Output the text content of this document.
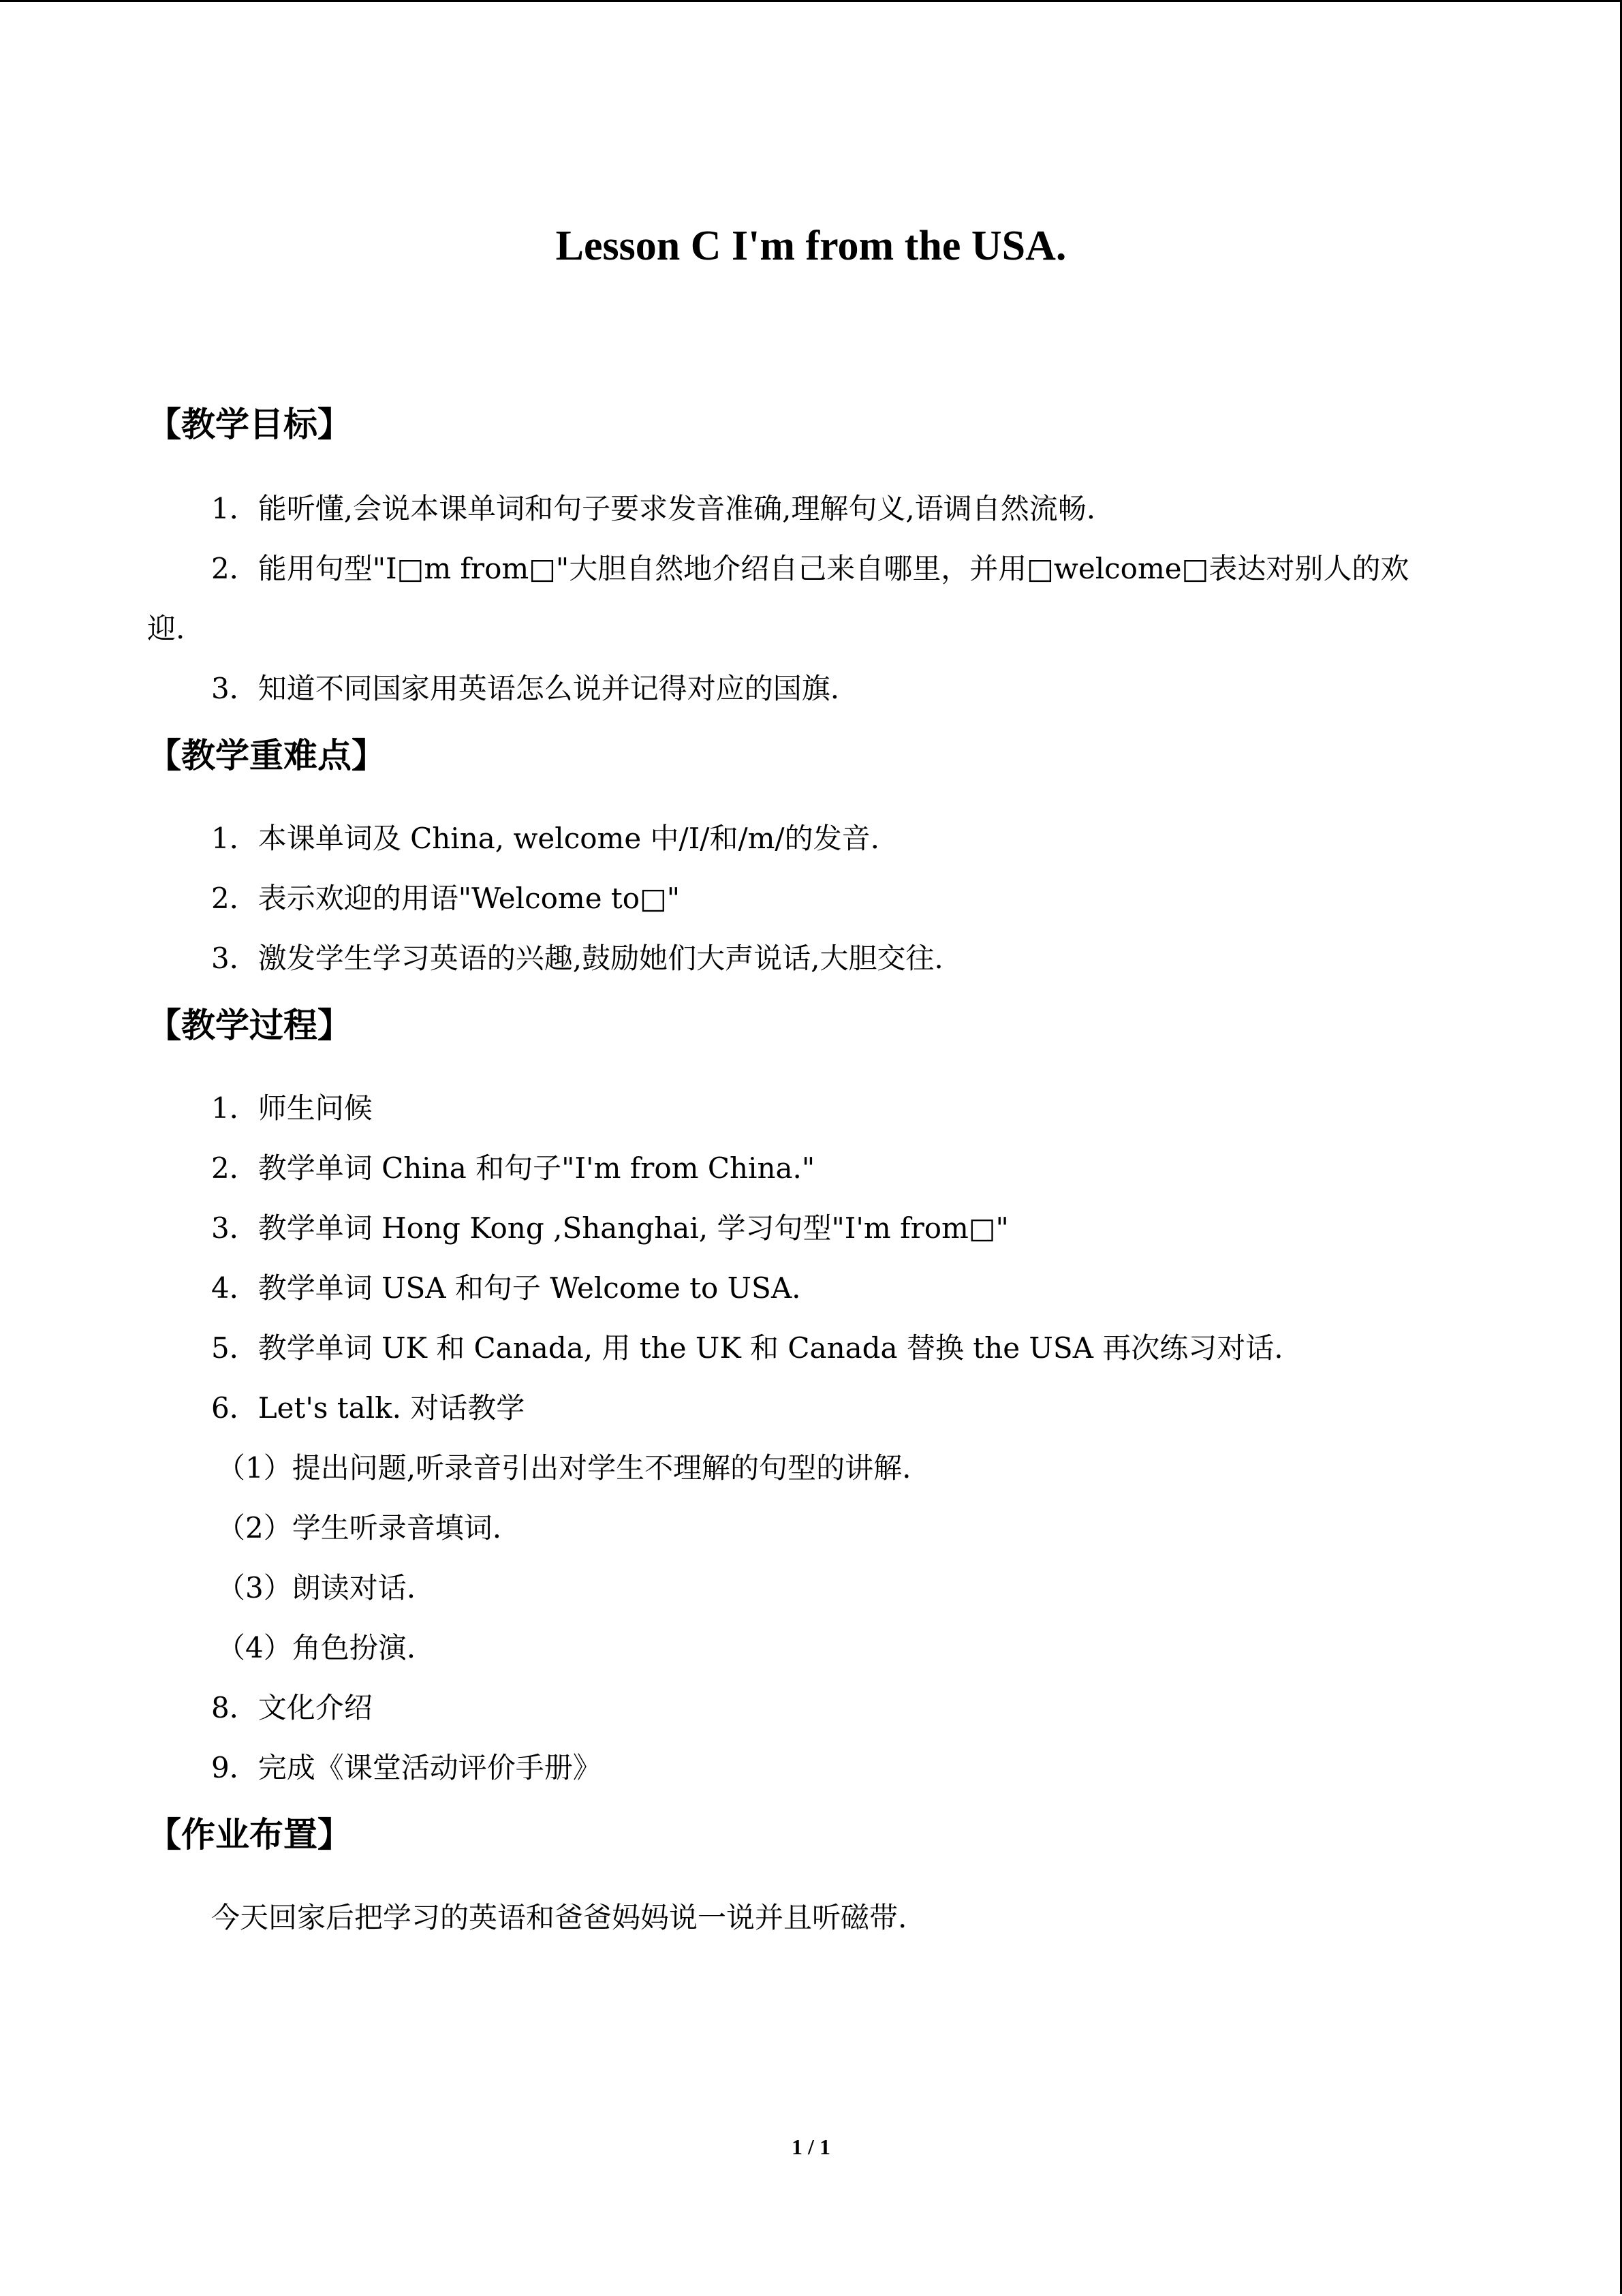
Lesson C I'm from the USA.
【教学目标】

1．能听懂,会说本课单词和句子要求发音准确,理解句义,语调自然流畅.

2．能用句型"I□m from□"大胆自然地介绍自己来自哪里，并用□welcome□表达对别人的欢

迎.

3．知道不同国家用英语怎么说并记得对应的国旗.

【教学重难点】

1．本课单词及 China, welcome 中/I/和/m/的发音.

2．表示欢迎的用语"Welcome to□"

3．激发学生学习英语的兴趣,鼓励她们大声说话,大胆交往.

【教学过程】

1．师生问候

2．教学单词 China 和句子"I'm from China."

3．教学单词 Hong Kong ,Shanghai, 学习句型"I'm from□"

4．教学单词 USA 和句子 Welcome to USA.

5．教学单词 UK 和 Canada, 用 the UK 和 Canada 替换 the USA 再次练习对话.

6．Let's talk. 对话教学

（1）提出问题,听录音引出对学生不理解的句型的讲解.

（2）学生听录音填词.

（3）朗读对话.

（4）角色扮演.

8．文化介绍

9．完成《课堂活动评价手册》

【作业布置】

今天回家后把学习的英语和爸爸妈妈说一说并且听磁带.

1 / 1
